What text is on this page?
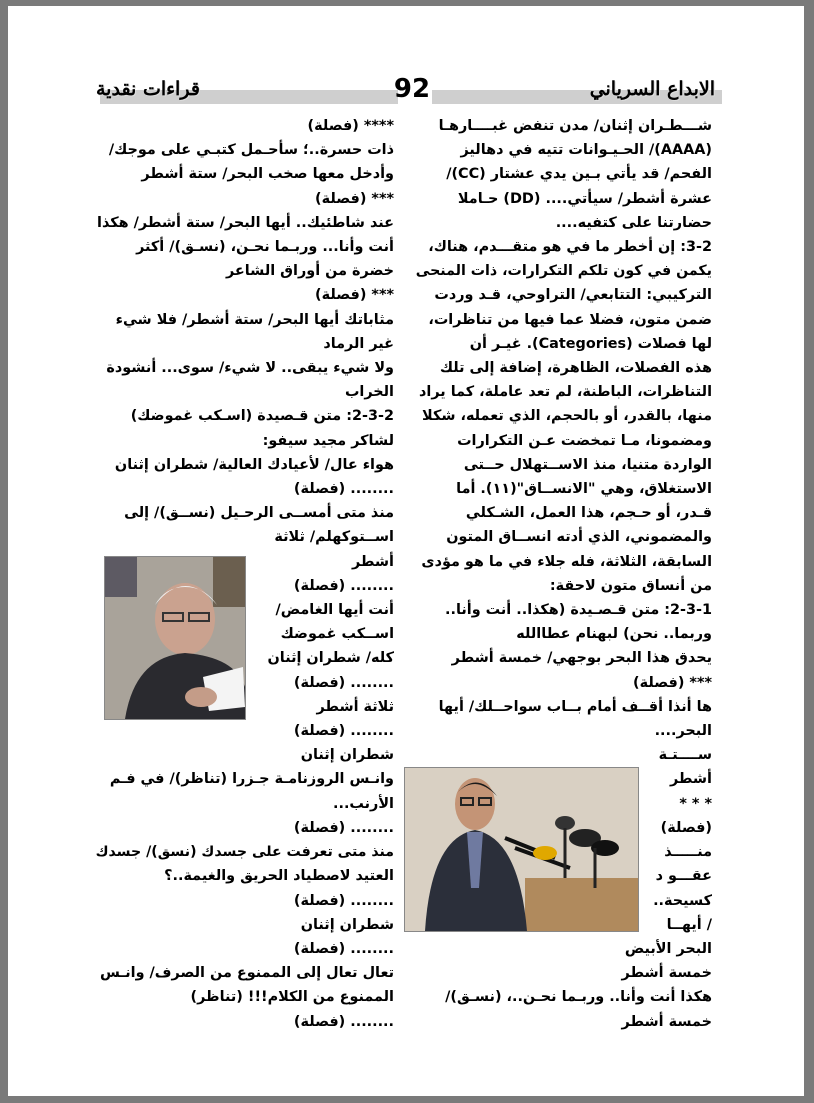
الابداع السرياني
92
قراءات نقدية
شـــطـران إثنان/ مدن تنفض غبــــارهـا
(AAAA)/ الحـيـوانات تتيه في دهاليز
الفحم/ قد يأتي بـين يدي عشتار (CC)/
عشرة أشطر/ سيأتي.... (DD) حـاملا
حضارتنا على كتفيه....
3-2: إن أخطر ما في هو متقـــدم، هناك،
يكمن في كون تلكم التكرارات، ذات المنحى
التركيبي: التتابعي/ التراوحي، قـد وردت
ضمن متون، فضلا عما فيها من تناظرات،
لها فصلات (Categories). غيـر أن
هذه الفصلات، الظاهرة، إضافة إلى تلك
التناظرات، الباطنة، لم تعد عاملة، كما يراد
منها، بالقدر، أو بالحجم، الذي تعمله، شكلا
ومضمونا، مـا تمخضت عـن التكرارات
الواردة متنيا، منذ الاســتهلال حــتى
الاستغلاق، وهي "الانســاق"(١١). أما
قـدر، أو حـجم، هذا العمل، الشـكلي
والمضموني، الذي أدته انســاق المتون
السابقة، الثلاثة، فله جلاء في ما هو مؤدى
من أنساق متون لاحقة:
2-3-1: متن قـصـيدة (هكذا.. أنت وأنا..
وربما.. نحن) لبهنام عطاالله
يحدق هذا البحر بوجهي/ خمسة أشطر
*** (فصلة)
ها أنذا أقــف أمام بــاب سواحــلك/ أيها
البحر....
ســــتـة
أشطر
* * *
(فصلة)
منـــــذ
عقـــو د
كسيحة..
/ أيهــا
البحر الأبيض
خمسة أشطر
هكذا أنت وأنا.. وربـما نحـن..، (نسـق)/
خمسة أشطر
**** (فصلة)
ذات حسرة..؛ سأحـمل كتبـي على موجك/
وأدخل معها صخب البحر/ ستة أشطر
*** (فصلة)
عند شاطئيك.. أيها البحر/ ستة أشطر/ هكذا
أنت وأنا... وربـما نحـن، (نسـق)/ أكثر
خضرة من أوراق الشاعر
*** (فصلة)
مثاباتك أيها البحر/ ستة أشطر/ فلا شيء
غير الرماد
ولا شيء يبقى.. لا شيء/ سوى... أنشودة
الخراب
2-3-2: متن قـصيدة (اسـكب غموضك)
لشاكر مجيد سيفو:
هواء عال/ لأعيادك العالية/ شطران إثنان
........ (فصلة)
منذ متى أمســى الرحـيل (نســق)/ إلى
اســتوكهلم/ ثلاثة
أشطر
........ (فصلة)
أنت أيها الغامض/
اســكب غموضك
كله/ شطران إثنان
........ (فصلة)
ثلاثة أشطر
........ (فصلة)
شطران إثنان
وانـس الروزنامـة جـزرا (تناظر)/ في فـم
الأرنب...
........ (فصلة)
منذ متى تعرفت على جسدك (نسق)/ جسدك
العتيد لاصطياد الحريق والغيمة..؟
........ (فصلة)
شطران إثنان
........ (فصلة)
تعال تعال إلى الممنوع من الصرف/ وانـس
الممنوع من الكلام!!! (تناظر)
........ (فصلة)
